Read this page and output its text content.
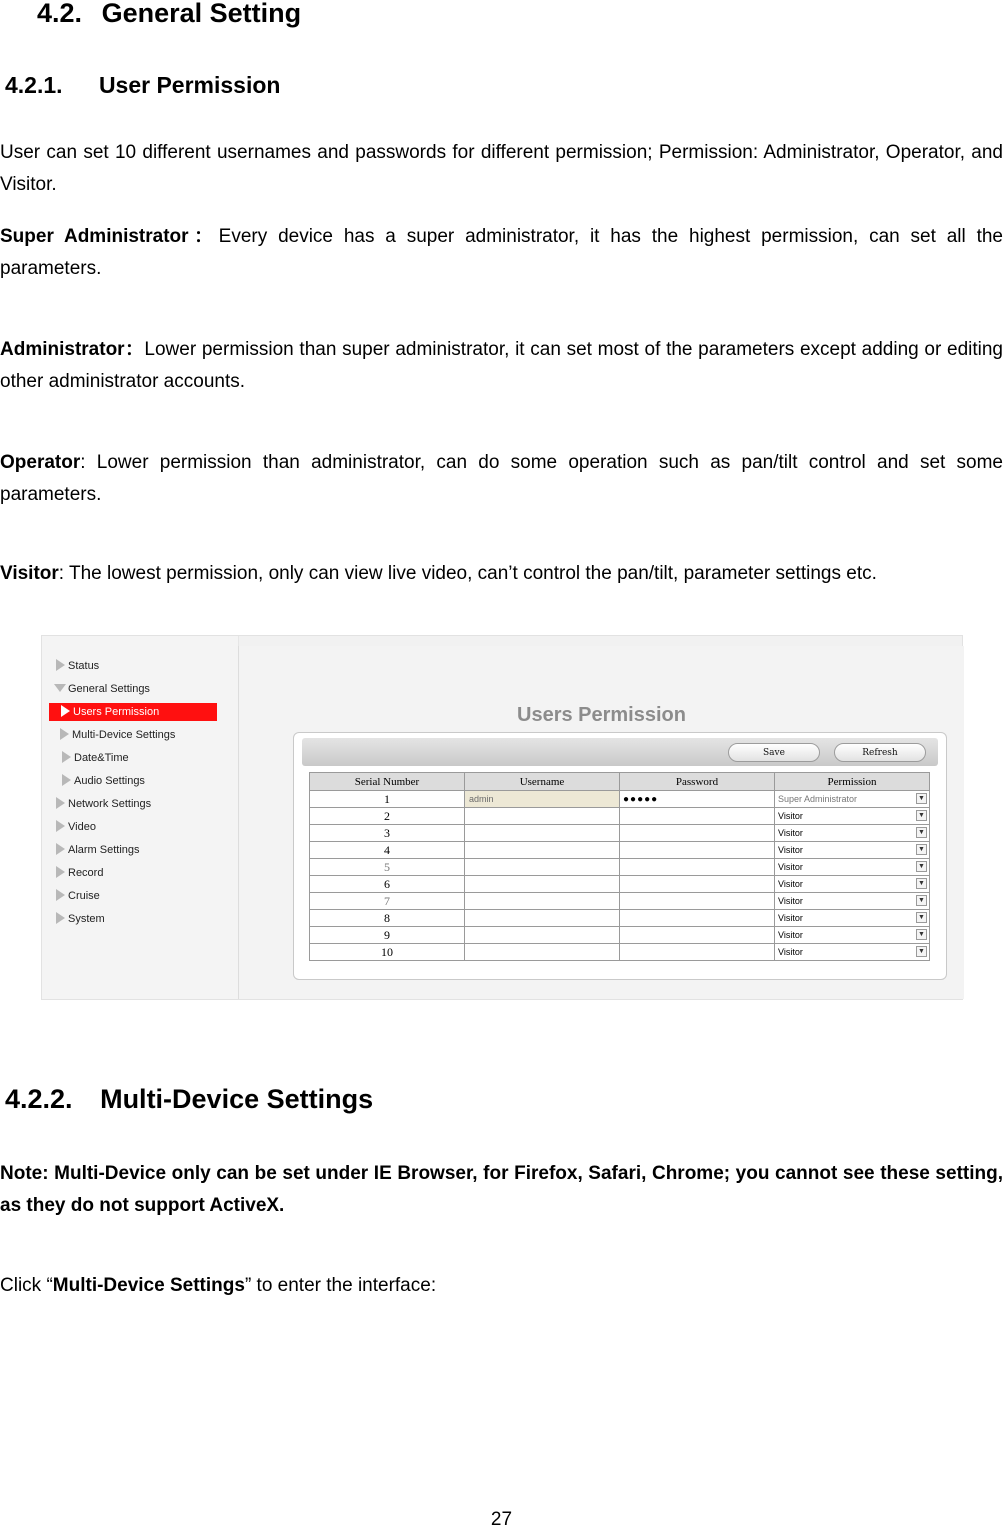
4.2. General Setting
4.2.1. User Permission
User can set 10 different usernames and passwords for different permission; Permission: Administrator, Operator, and Visitor.
Super Administrator：Every device has a super administrator, it has the highest permission, can set all the parameters.
Administrator：Lower permission than super administrator, it can set most of the parameters except adding or editing other administrator accounts.
Operator: Lower permission than administrator, can do some operation such as pan/tilt control and set some parameters.
Visitor: The lowest permission, only can view live video, can’t control the pan/tilt, parameter settings etc.
Status
General Settings
Users Permission
Multi-Device Settings
Date&Time
Audio Settings
Network Settings
Video
Alarm Settings
Record
Cruise
System
Users Permission
Save	Refresh
Serial Number	Username	Password	Permission
1	admin	●●●●●	Super Administrator ▼

2			Visitor ▼

3			Visitor ▼

4			Visitor ▼

5			Visitor ▼

6			Visitor ▼

7			Visitor ▼

8			Visitor ▼

9			Visitor ▼

10			Visitor ▼
4.2.2. Multi-Device Settings
Note: Multi-Device only can be set under IE Browser, for Firefox, Safari, Chrome; you cannot see these setting, as they do not support ActiveX.
Click “Multi-Device Settings” to enter the interface:
27
